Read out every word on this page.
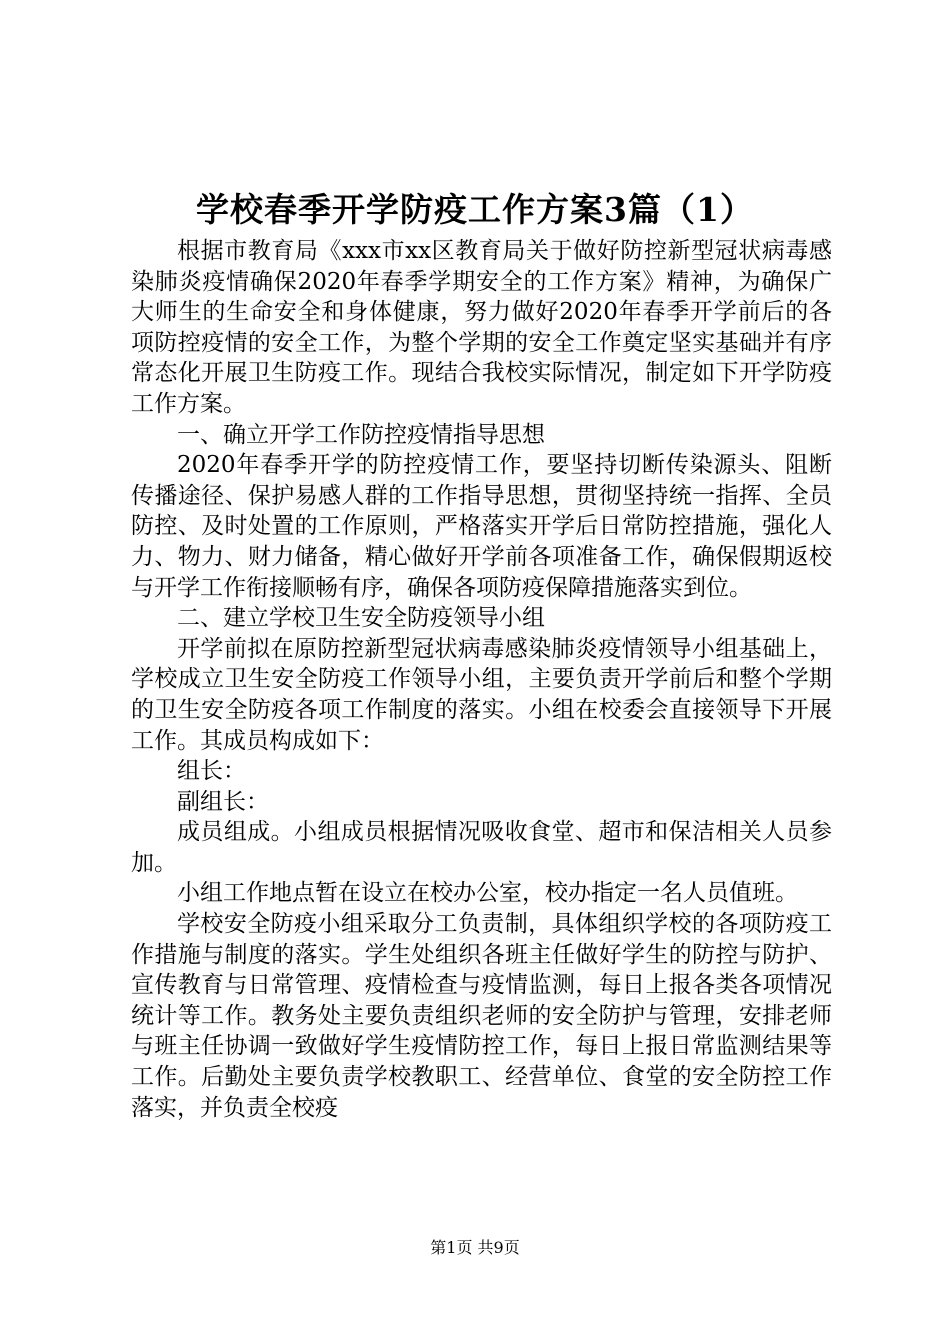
学校春季开学防疫工作方案3篇（1）

根据市教育局《xxx市xx区教育局关于做好防控新型冠状病毒感染肺炎疫情确保2020年春季学期安全的工作方案》精神，为确保广大师生的生命安全和身体健康，努力做好2020年春季开学前后的各项防控疫情的安全工作，为整个学期的安全工作奠定坚实基础并有序常态化开展卫生防疫工作。现结合我校实际情况，制定如下开学防疫工作方案。

一、确立开学工作防控疫情指导思想

2020年春季开学的防控疫情工作，要坚持切断传染源头、阻断传播途径、保护易感人群的工作指导思想，贯彻坚持统一指挥、全员防控、及时处置的工作原则，严格落实开学后日常防控措施，强化人力、物力、财力储备，精心做好开学前各项准备工作，确保假期返校与开学工作衔接顺畅有序，确保各项防疫保障措施落实到位。

二、建立学校卫生安全防疫领导小组

开学前拟在原防控新型冠状病毒感染肺炎疫情领导小组基础上，学校成立卫生安全防疫工作领导小组，主要负责开学前后和整个学期的卫生安全防疫各项工作制度的落实。小组在校委会直接领导下开展工作。其成员构成如下：

组长：

副组长：

成员组成。小组成员根据情况吸收食堂、超市和保洁相关人员参加。

小组工作地点暂在设立在校办公室，校办指定一名人员值班。

学校安全防疫小组采取分工负责制，具体组织学校的各项防疫工作措施与制度的落实。学生处组织各班主任做好学生的防控与防护、宣传教育与日常管理、疫情检查与疫情监测，每日上报各类各项情况统计等工作。教务处主要负责组织老师的安全防护与管理，安排老师与班主任协调一致做好学生疫情防控工作，每日上报日常监测结果等工作。后勤处主要负责学校教职工、经营单位、食堂的安全防控工作落实，并负责全校疫

第1页 共9页
